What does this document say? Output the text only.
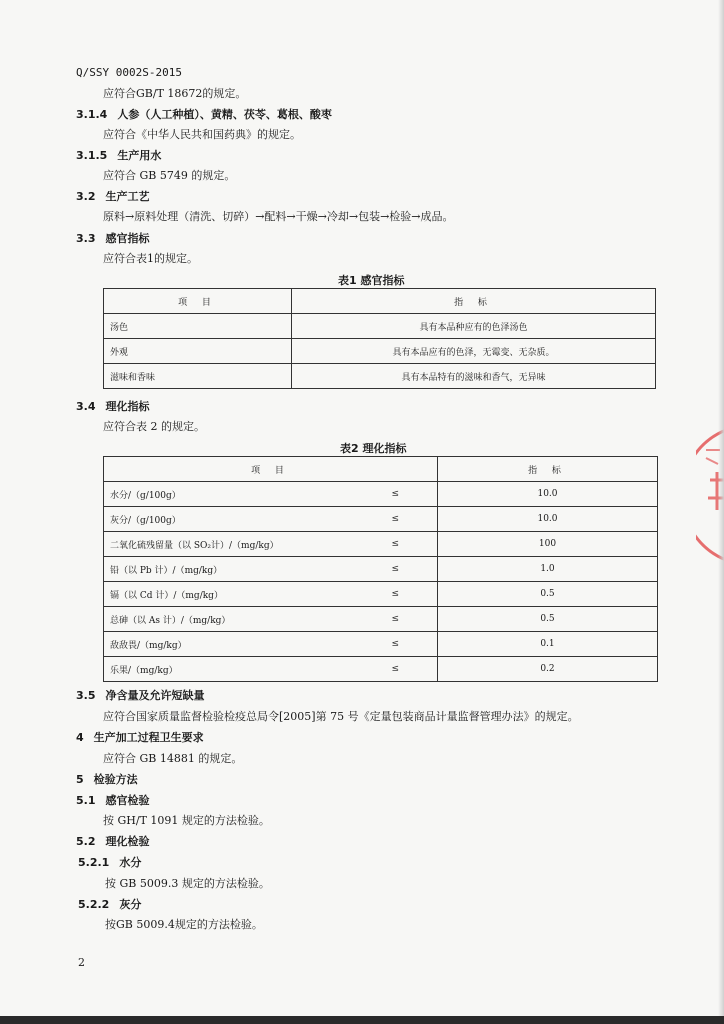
Q/SSY 0002S-2015
应符合GB/T 18672的规定。
3.1.4 人参（人工种植）、黄精、茯苓、葛根、酸枣
应符合《中华人民共和国药典》的规定。
3.1.5 生产用水
应符合 GB 5749 的规定。
3.2 生产工艺
原料→原料处理（清洗、切碎）→配料→干燥→冷却→包装→检验→成品。
3.3 感官指标
应符合表1的规定。
表1 感官指标
项 目	指 标
汤色	具有本品种应有的色泽汤色
外观	具有本品应有的色泽，无霉变、无杂质。
滋味和香味	具有本品特有的滋味和香气，无异味
3.4 理化指标
应符合表 2 的规定。
表2 理化指标
项 目		指 标
水分/（g/100g）	≤	10.0
灰分/（g/100g）	≤	10.0
二氧化硫残留量（以 SO₂计）/（mg/kg）	≤	100
铅（以 Pb 计）/（mg/kg）	≤	1.0
镉（以 Cd 计）/（mg/kg）	≤	0.5
总砷（以 As 计）/（mg/kg）	≤	0.5
敌敌畏/（mg/kg）	≤	0.1
乐果/（mg/kg）	≤	0.2
3.5 净含量及允许短缺量
应符合国家质量监督检验检疫总局令[2005]第 75 号《定量包装商品计量监督管理办法》的规定。
4 生产加工过程卫生要求
应符合 GB 14881 的规定。
5 检验方法
5.1 感官检验
按 GH/T 1091 规定的方法检验。
5.2 理化检验
5.2.1 水分
按 GB 5009.3 规定的方法检验。
5.2.2 灰分
按GB 5009.4规定的方法检验。
2
